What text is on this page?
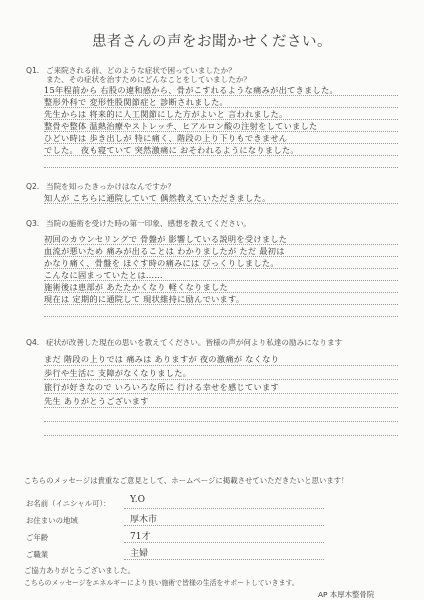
患者さんの声をお聞かせください。
Q1. ご来院される前、どのような症状で困っていましたか？
また、その症状を治すためにどんなことをしていましたか？
15年程前から 右股の違和感から、骨がこすれるような痛みが出てきました。
整形外科で 変形性股関節症と 診断されました。
先生からは 将来的に人工関節にした方がよいと 言われました。
整骨や整体 温熱治療やストレッチ、ヒアルロン酸の注射をしていました
ひどい時は 歩き出しが 特に痛く、階段の上り下りもできません
でした。 夜も寝ていて 突然激痛に おそわれるようになりました。
Q2. 当院を知ったきっかけはなんですか？
知人が こちらに通院していて 偶然教えていただきました。
Q3. 当院の施術を受けた時の第一印象、感想を教えてください。
初回のカウンセリングで 骨盤が 影響している説明を受けました
血流が悪いため 痛みが出ることは わかりましたが ただ 最初は
かなり痛く、骨盤を ほぐす時の痛みには びっくりしました。
こんなに固まっていたとは……
施術後は患部が あたたかくなり 軽くなりました
現在は 定期的に通院して 現状維持に励んでいます。
Q4. 症状が改善した現在の思いを教えてください。皆様の声が何より私達の励みになります
まだ 階段の上りでは 痛みは ありますが 夜の激痛が なくなり
歩行や生活に 支障がなくなりました。
旅行が好きなので いろいろな所に 行ける幸せを感じています
先生 ありがとうございます
こちらのメッセージは貴重なご意見として、ホームページに掲載させていただきたいと思います！
お名前（イニシャル可）： Y.O
お住まいの地域	厚木市
ご年齢	71才
ご職業	主婦
ご協力ありがとうございました。
こちらのメッセージをエネルギーにより良い施術で皆様の生活をサポートしていきます。
AP 本厚木整骨院
